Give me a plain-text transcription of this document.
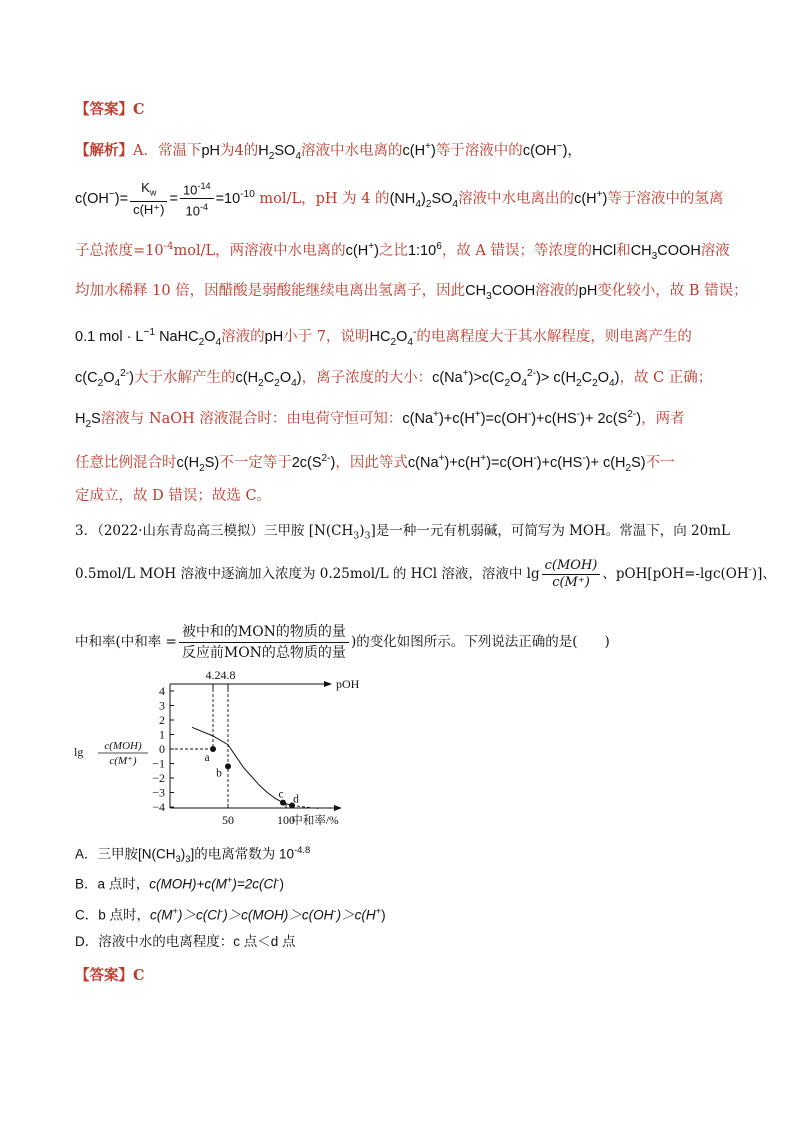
【答案】C
【解析】A．常温下pH为4的$H_2SO_4$溶液中水电离的c(H+)等于溶液中的c(OH−)，
$c(OH^-)= \frac{K_w}{c(H^+)} = \frac{10^{-14}}{10^{-4}} =10^{-10}$ mol/L，pH 为 4 的$(NH_4)_2SO_4$溶液中水电离出的c(H+)等于溶液中的氢离
子总浓度$=10^{-4}mol/L$，两溶液中水电离的c(H+)之比$1:10^6$，故 A 错误；等浓度的HCl和$CH_3COOH$溶液
均加水稀释 10 倍，因醋酸是弱酸能继续电离出氢离子，因此$CH_3COOH$溶液的pH变化较小，故 B 错误；
0.1 mol · $L^{-1}$ $NaHC_2O_4$溶液的pH小于 7，说明$HC_2O_4^-$的电离程度大于其水解程度，则电离产生的
$c(C_2O_4^{2-})$大于水解产生的$c(H_2C_2O_4)$，离子浓度的大小：$c(Na^+)>c(C_2O_4^{2-})> c(H_2C_2O_4)$，故 C 正确；
$H_2S$溶液与 NaOH 溶液混合时：由电荷守恒可知：$c(Na^+)+c(H^+)=c(OH^-)+c(HS^-)+ 2c(S^{2-})$，两者
任意比例混合时$c(H_2S)$不一定等于$2c(S^{2-})$，因此等式$c(Na^+)+c(H^+)=c(OH^-)+c(HS^-)+ c(H_2S)$不一
定成立，故 D 错误；故选 C。
3．（2022·山东青岛高三模拟）三甲胺 $[N(CH_3)_3]$是一种一元有机弱碱，可简写为 MOH。常温下，向 20mL
0.5mol/L MOH 溶液中逐滴加入浓度为 0.25mol/L 的 HCl 溶液，溶液中 $\lg \frac{\text{c(MOH)}}{c(M^+)}$ 、pOH[pOH=-lgc(OH-)]、
中和率(中和率 = $\frac{\text{被中和的MON的物质的量}}{\text{反应前MON的总物质的量}}$ )的变化如图所示。下列说法正确的是(　　)
4
3
2
1
0
−1
−2
−3
−4
50	100
中和率/%
4.2 4.8
pOH
a
b
c d
lg c(MOH)
c(M⁺)
A．三甲胺$[N(CH_3)_3]$的电离常数为 $10^{-4.8}$
B．a 点时，c(MOH)+c(M+)=2c(Cl-)
C．b 点时，c(M+)＞c(Cl-)＞c(MOH)＞c(OH-)＞c(H+)
D．溶液中水的电离程度：c 点＜d 点
【答案】C
